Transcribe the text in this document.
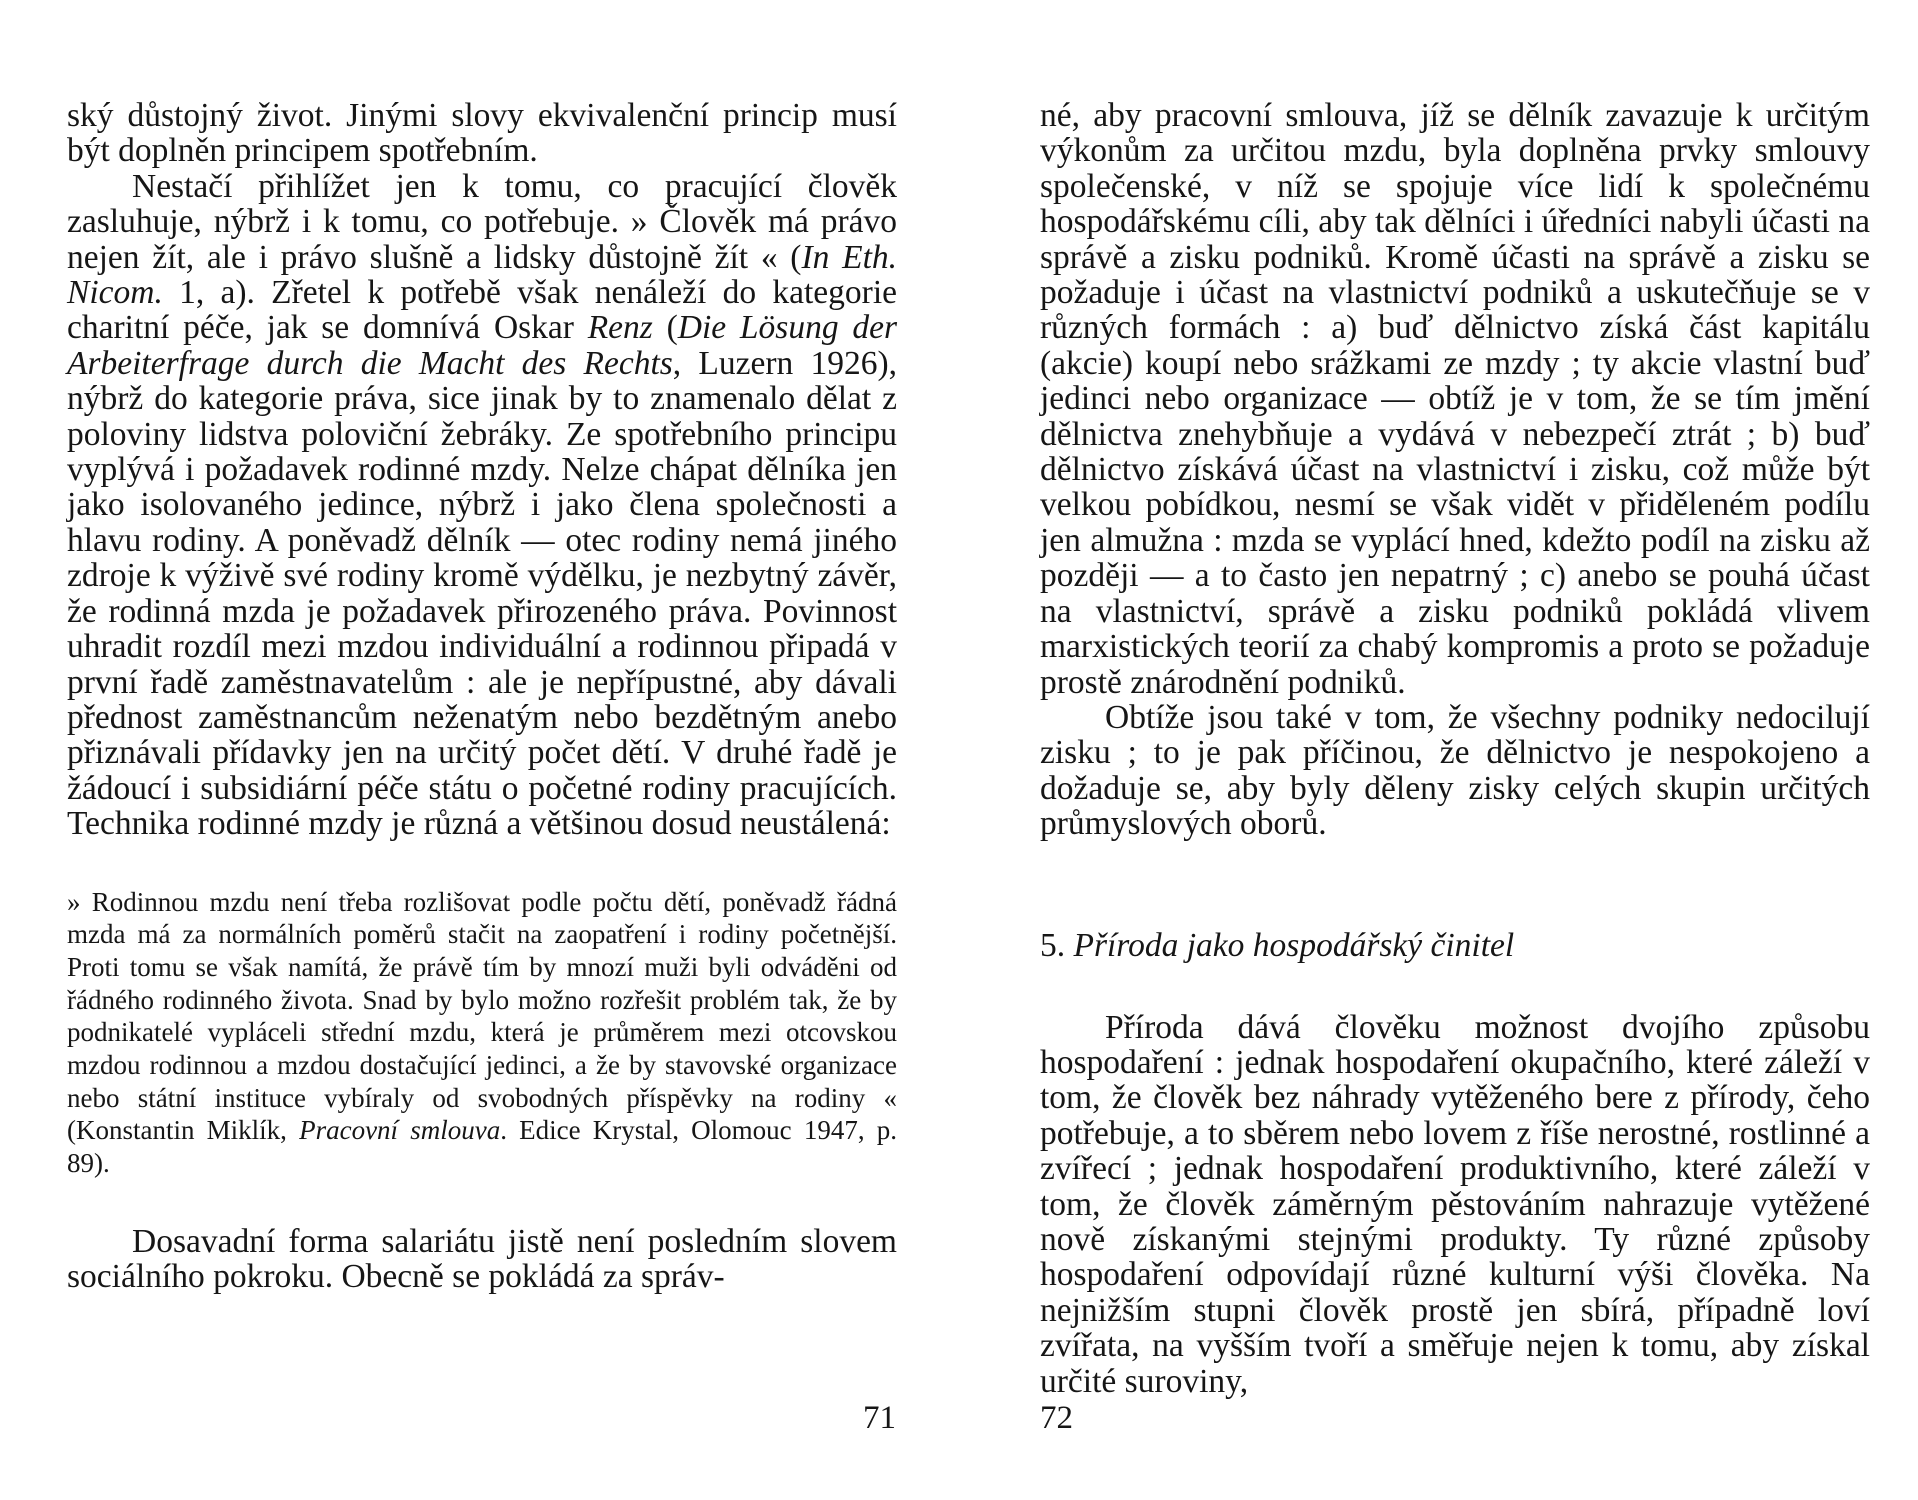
ský důstojný život. Jinými slovy ekvivalenční princip musí být doplněn principem spotřebním.

Nestačí přihlížet jen k tomu, co pracující člověk zasluhuje, nýbrž i k tomu, co potřebuje. » Člověk má právo nejen žít, ale i právo slušně a lidsky důstojně žít « (In Eth. Nicom. 1, a). Zřetel k potřebě však nenáleží do kategorie charitní péče, jak se domnívá Oskar Renz (Die Lösung der Arbeiterfrage durch die Macht des Rechts, Luzern 1926), nýbrž do kategorie práva, sice jinak by to znamenalo dělat z poloviny lidstva poloviční žebráky. Ze spotřebního principu vyplývá i požadavek rodinné mzdy. Nelze chápat dělníka jen jako isolovaného jedince, nýbrž i jako člena společnosti a hlavu rodiny. A poněvadž dělník — otec rodiny nemá jiného zdroje k výživě své rodiny kromě výdělku, je nezbytný závěr, že rodinná mzda je požadavek přirozeného práva. Povinnost uhradit rozdíl mezi mzdou individuální a rodinnou připadá v první řadě zaměstnavatelům : ale je nepřípustné, aby dávali přednost zaměstnancům neženatým nebo bezdětným anebo přiznávali přídavky jen na určitý počet dětí. V druhé řadě je žádoucí i subsidiární péče státu o početné rodiny pracujících. Technika rodinné mzdy je různá a většinou dosud neustálená:

» Rodinnou mzdu není třeba rozlišovat podle počtu dětí, poněvadž řádná mzda má za normálních poměrů stačit na zaopatření i rodiny početnější. Proti tomu se však namítá, že právě tím by mnozí muži byli odváděni od řádného rodinného života. Snad by bylo možno rozřešit problém tak, že by podnikatelé vypláceli střední mzdu, která je průměrem mezi otcovskou mzdou rodinnou a mzdou dostačující jedinci, a že by stavovské organizace nebo státní instituce vybíraly od svobodných příspěvky na rodiny « (Konstantin Miklík, Pracovní smlouva. Edice Krystal, Olomouc 1947, p. 89).

Dosavadní forma salariátu jistě není posledním slovem sociálního pokroku. Obecně se pokládá za správ-

71

né, aby pracovní smlouva, jíž se dělník zavazuje k určitým výkonům za určitou mzdu, byla doplněna prvky smlouvy společenské, v níž se spojuje více lidí k společnému hospodářskému cíli, aby tak dělníci i úředníci nabyli účasti na správě a zisku podniků. Kromě účasti na správě a zisku se požaduje i účast na vlastnictví podniků a uskutečňuje se v různých formách : a) buď dělnictvo získá část kapitálu (akcie) koupí nebo srážkami ze mzdy ; ty akcie vlastní buď jedinci nebo organizace — obtíž je v tom, že se tím jmění dělnictva znehybňuje a vydává v nebezpečí ztrát ; b) buď dělnictvo získává účast na vlastnictví i zisku, což může být velkou pobídkou, nesmí se však vidět v přiděleném podílu jen almužna : mzda se vyplácí hned, kdežto podíl na zisku až později — a to často jen nepatrný ; c) anebo se pouhá účast na vlastnictví, správě a zisku podniků pokládá vlivem marxistických teorií za chabý kompromis a proto se požaduje prostě znárodnění podniků.

Obtíže jsou také v tom, že všechny podniky nedocilují zisku ; to je pak příčinou, že dělnictvo je nespokojeno a dožaduje se, aby byly děleny zisky celých skupin určitých průmyslových oborů.

5. Příroda jako hospodářský činitel

Příroda dává člověku možnost dvojího způsobu hospodaření : jednak hospodaření okupačního, které záleží v tom, že člověk bez náhrady vytěženého bere z přírody, čeho potřebuje, a to sběrem nebo lovem z říše nerostné, rostlinné a zvířecí ; jednak hospodaření produktivního, které záleží v tom, že člověk záměrným pěstováním nahrazuje vytěžené nově získanými stejnými produkty. Ty různé způsoby hospodaření odpovídají různé kulturní výši člověka. Na nejnižším stupni člověk prostě jen sbírá, případně loví zvířata, na vyšším tvoří a směřuje nejen k tomu, aby získal určité suroviny,

72
